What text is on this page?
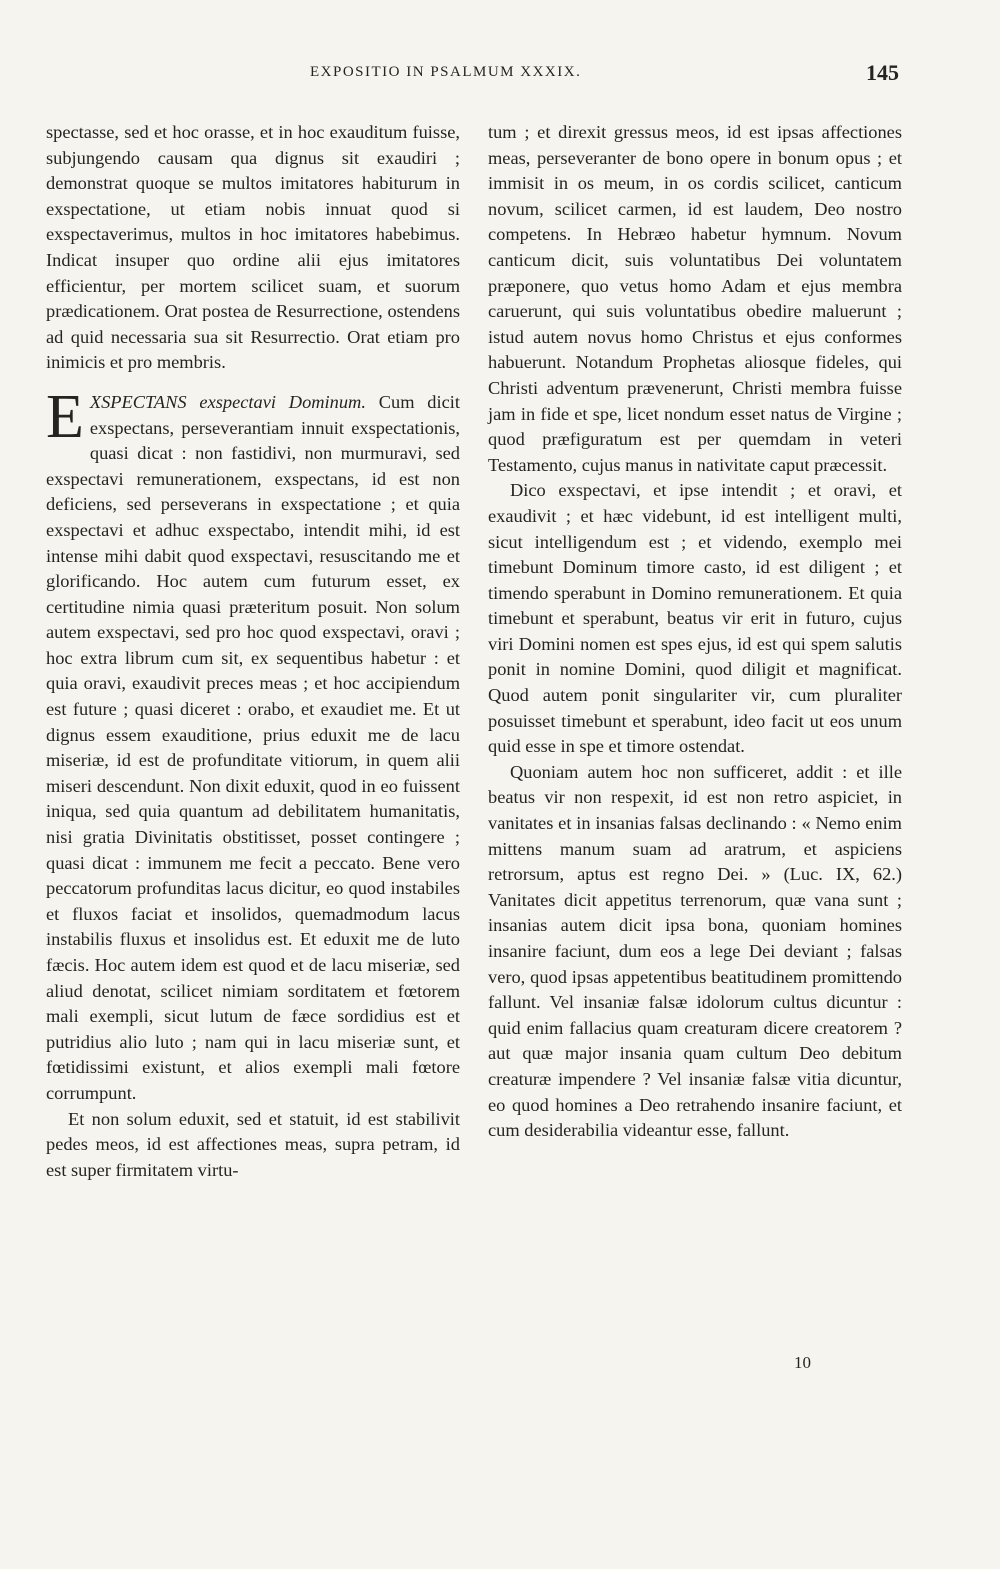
EXPOSITIO IN PSALMUM XXXIX.	145

spectasse, sed et hoc orasse, et in hoc exauditum fuisse, subjungendo causam qua dignus sit exaudiri ; demonstrat quoque se multos imitatores habiturum in exspectatione, ut etiam nobis innuat quod si exspectaverimus, multos in hoc imitatores habebimus. Indicat insuper quo ordine alii ejus imitatores efficientur, per mortem scilicet suam, et suorum prædicationem. Orat postea de Resurrectione, ostendens ad quid necessaria sua sit Resurrectio. Orat etiam pro inimicis et pro membris.

EXSPECTANS exspectavi Dominum. Cum dicit exspectans, perseverantiam innuit exspectationis, quasi dicat : non fastidivi, non murmuravi, sed exspectavi remunerationem, exspectans, id est non deficiens, sed perseverans in exspectatione ; et quia exspectavi et adhuc exspectabo, intendit mihi, id est intense mihi dabit quod exspectavi, resuscitando me et glorificando. Hoc autem cum futurum esset, ex certitudine nimia quasi præteritum posuit. Non solum autem exspectavi, sed pro hoc quod exspectavi, oravi ; hoc extra librum cum sit, ex sequentibus habetur : et quia oravi, exaudivit preces meas ; et hoc accipiendum est future ; quasi diceret : orabo, et exaudiet me. Et ut dignus essem exauditione, prius eduxit me de lacu miseriæ, id est de profunditate vitiorum, in quem alii miseri descendunt. Non dixit eduxit, quod in eo fuissent iniqua, sed quia quantum ad debilitatem humanitatis, nisi gratia Divinitatis obstitisset, posset contingere ; quasi dicat : immunem me fecit a peccato. Bene vero peccatorum profunditas lacus dicitur, eo quod instabiles et fluxos faciat et insolidos, quemadmodum lacus instabilis fluxus et insolidus est. Et eduxit me de luto fæcis. Hoc autem idem est quod et de lacu miseriæ, sed aliud denotat, scilicet nimiam sorditatem et fœtorem mali exempli, sicut lutum de fæce sordidius est et putridius alio luto ; nam qui in lacu miseriæ sunt, et fœtidissimi existunt, et alios exempli mali fœtore corrumpunt.

Et non solum eduxit, sed et statuit, id est stabilivit pedes meos, id est affectiones meas, supra petram, id est super firmitatem virtu-

tum ; et direxit gressus meos, id est ipsas affectiones meas, perseveranter de bono opere in bonum opus ; et immisit in os meum, in os cordis scilicet, canticum novum, scilicet carmen, id est laudem, Deo nostro competens. In Hebræo habetur hymnum. Novum canticum dicit, suis voluntatibus Dei voluntatem præponere, quo vetus homo Adam et ejus membra caruerunt, qui suis voluntatibus obedire maluerunt ; istud autem novus homo Christus et ejus conformes habuerunt. Notandum Prophetas aliosque fideles, qui Christi adventum prævenerunt, Christi membra fuisse jam in fide et spe, licet nondum esset natus de Virgine ; quod præfiguratum est per quemdam in veteri Testamento, cujus manus in nativitate caput præcessit.

Dico exspectavi, et ipse intendit ; et oravi, et exaudivit ; et hæc videbunt, id est intelligent multi, sicut intelligendum est ; et videndo, exemplo mei timebunt Dominum timore casto, id est diligent ; et timendo sperabunt in Domino remunerationem. Et quia timebunt et sperabunt, beatus vir erit in futuro, cujus viri Domini nomen est spes ejus, id est qui spem salutis ponit in nomine Domini, quod diligit et magnificat. Quod autem ponit singulariter vir, cum pluraliter posuisset timebunt et sperabunt, ideo facit ut eos unum quid esse in spe et timore ostendat.

Quoniam autem hoc non sufficeret, addit : et ille beatus vir non respexit, id est non retro aspiciet, in vanitates et in insanias falsas declinando : « Nemo enim mittens manum suam ad aratrum, et aspiciens retrorsum, aptus est regno Dei. » (Luc. IX, 62.) Vanitates dicit appetitus terrenorum, quæ vana sunt ; insanias autem dicit ipsa bona, quoniam homines insanire faciunt, dum eos a lege Dei deviant ; falsas vero, quod ipsas appetentibus beatitudinem promittendo fallunt. Vel insaniæ falsæ idolorum cultus dicuntur : quid enim fallacius quam creaturam dicere creatorem ? aut quæ major insania quam cultum Deo debitum creaturæ impendere ? Vel insaniæ falsæ vitia dicuntur, eo quod homines a Deo retrahendo insanire faciunt, et cum desiderabilia videantur esse, fallunt.

10
